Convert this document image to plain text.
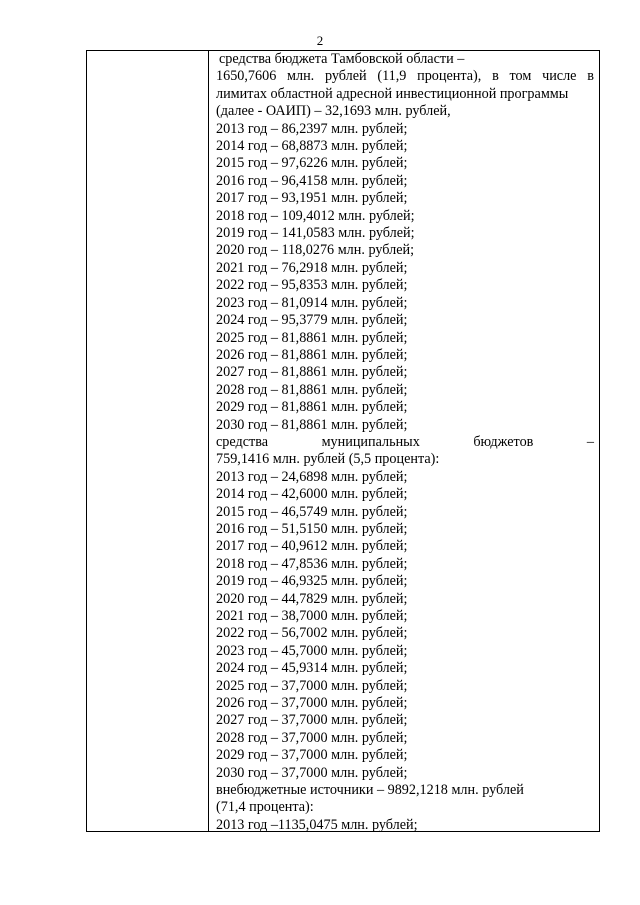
2
средства бюджета Тамбовской области –
1650,7606 млн. рублей (11,9 процента), в том числе в
лимитах областной адресной инвестиционной программы
(далее - ОАИП) – 32,1693 млн. рублей,
2013 год – 86,2397 млн. рублей;
2014 год – 68,8873 млн. рублей;
2015 год – 97,6226 млн. рублей;
2016 год – 96,4158 млн. рублей;
2017 год – 93,1951 млн. рублей;
2018 год – 109,4012 млн. рублей;
2019 год – 141,0583 млн. рублей;
2020 год – 118,0276 млн. рублей;
2021 год – 76,2918 млн. рублей;
2022 год – 95,8353 млн. рублей;
2023 год – 81,0914 млн. рублей;
2024 год – 95,3779 млн. рублей;
2025 год – 81,8861 млн. рублей;
2026 год – 81,8861 млн. рублей;
2027 год – 81,8861 млн. рублей;
2028 год – 81,8861 млн. рублей;
2029 год – 81,8861 млн. рублей;
2030 год – 81,8861 млн. рублей;
средства	муниципальных	бюджетов	–
759,1416 млн. рублей (5,5 процента):
2013 год – 24,6898 млн. рублей;
2014 год – 42,6000 млн. рублей;
2015 год – 46,5749 млн. рублей;
2016 год – 51,5150 млн. рублей;
2017 год – 40,9612 млн. рублей;
2018 год – 47,8536 млн. рублей;
2019 год – 46,9325 млн. рублей;
2020 год – 44,7829 млн. рублей;
2021 год – 38,7000 млн. рублей;
2022 год – 56,7002 млн. рублей;
2023 год – 45,7000 млн. рублей;
2024 год – 45,9314 млн. рублей;
2025 год – 37,7000 млн. рублей;
2026 год – 37,7000 млн. рублей;
2027 год – 37,7000 млн. рублей;
2028 год – 37,7000 млн. рублей;
2029 год – 37,7000 млн. рублей;
2030 год – 37,7000 млн. рублей;
внебюджетные источники – 9892,1218 млн. рублей
(71,4 процента):
2013 год –1135,0475 млн. рублей;
